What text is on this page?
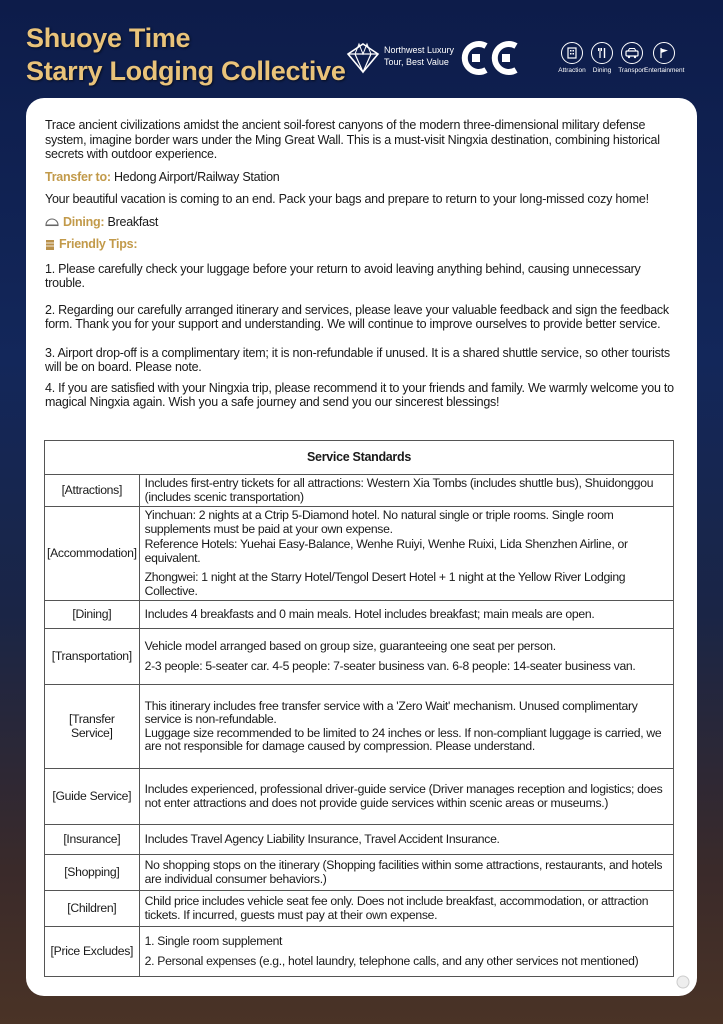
Shuoye Time
Starry Lodging Collective
Northwest Luxury
Tour, Best Value
Attraction	Dining	Transport
Entertainment
Trace ancient civilizations amidst the ancient soil-forest canyons of the modern three-dimensional military defense system, imagine border wars under the Ming Great Wall. This is a must-visit Ningxia destination, combining historical secrets with outdoor experience.
Transfer to: Hedong Airport/Railway Station
Your beautiful vacation is coming to an end. Pack your bags and prepare to return to your long-missed cozy home!
Dining: Breakfast
Friendly Tips:
1. Please carefully check your luggage before your return to avoid leaving anything behind, causing unnecessary trouble.
2. Regarding our carefully arranged itinerary and services, please leave your valuable feedback and sign the feedback form. Thank you for your support and understanding. We will continue to improve ourselves to provide better service.
3. Airport drop-off is a complimentary item; it is non-refundable if unused. It is a shared shuttle service, so other tourists will be on board. Please note.
4. If you are satisfied with your Ningxia trip, please recommend it to your friends and family. We warmly welcome you to magical Ningxia again. Wish you a safe journey and send you our sincerest blessings!
Service Standards	
[Attractions]	Includes first-entry tickets for all attractions: Western Xia Tombs (includes shuttle bus), Shuidonggou (includes scenic transportation)

[Accommodation]	Yinchuan: 2 nights at a Ctrip 5-Diamond hotel. No natural single or triple rooms. Single room supplements must be paid at your own expense.
Reference Hotels: Yuehai Easy-Balance, Wenhe Ruiyi, Wenhe Ruixi, Lida Shenzhen Airline, or equivalent.
Zhongwei: 1 night at the Starry Hotel/Tengol Desert Hotel + 1 night at the Yellow River Lodging Collective.

[Dining]	Includes 4 breakfasts and 0 main meals. Hotel includes breakfast; main meals are open.

[Transportation]	Vehicle model arranged based on group size, guaranteeing one seat per person.
2-3 people: 5-seater car. 4-5 people: 7-seater business van. 6-8 people: 14-seater business van.

[Transfer Service]	This itinerary includes free transfer service with a 'Zero Wait' mechanism. Unused complimentary service is non-refundable.
Luggage size recommended to be limited to 24 inches or less. If non-compliant luggage is carried, we are not responsible for damage caused by compression. Please understand.

[Guide Service]	Includes experienced, professional driver-guide service (Driver manages reception and logistics; does not enter attractions and does not provide guide services within scenic areas or museums.)

[Insurance]	Includes Travel Agency Liability Insurance, Travel Accident Insurance.

[Shopping]	No shopping stops on the itinerary (Shopping facilities within some attractions, restaurants, and hotels are individual consumer behaviors.)

[Children]	Child price includes vehicle seat fee only. Does not include breakfast, accommodation, or attraction tickets. If incurred, guests must pay at their own expense.

[Price Excludes]	1. Single room supplement
2. Personal expenses (e.g., hotel laundry, telephone calls, and any other services not mentioned)
